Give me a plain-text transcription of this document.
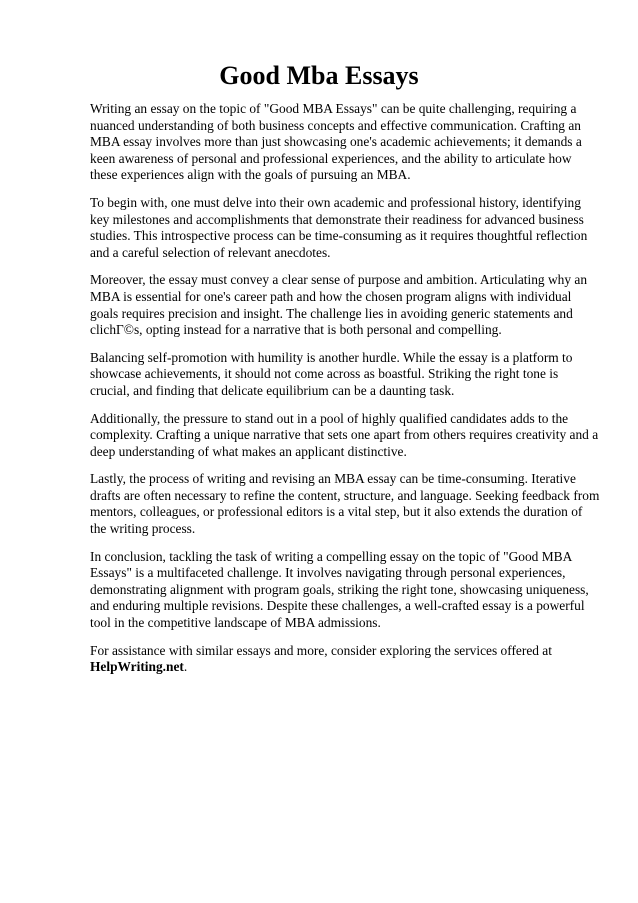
Good Mba Essays

Writing an essay on the topic of "Good MBA Essays" can be quite challenging, requiring a nuanced understanding of both business concepts and effective communication. Crafting an MBA essay involves more than just showcasing one's academic achievements; it demands a keen awareness of personal and professional experiences, and the ability to articulate how these experiences align with the goals of pursuing an MBA.

To begin with, one must delve into their own academic and professional history, identifying key milestones and accomplishments that demonstrate their readiness for advanced business studies. This introspective process can be time-consuming as it requires thoughtful reflection and a careful selection of relevant anecdotes.

Moreover, the essay must convey a clear sense of purpose and ambition. Articulating why an MBA is essential for one's career path and how the chosen program aligns with individual goals requires precision and insight. The challenge lies in avoiding generic statements and clichГ©s, opting instead for a narrative that is both personal and compelling.

Balancing self-promotion with humility is another hurdle. While the essay is a platform to showcase achievements, it should not come across as boastful. Striking the right tone is crucial, and finding that delicate equilibrium can be a daunting task.

Additionally, the pressure to stand out in a pool of highly qualified candidates adds to the complexity. Crafting a unique narrative that sets one apart from others requires creativity and a deep understanding of what makes an applicant distinctive.

Lastly, the process of writing and revising an MBA essay can be time-consuming. Iterative drafts are often necessary to refine the content, structure, and language. Seeking feedback from mentors, colleagues, or professional editors is a vital step, but it also extends the duration of the writing process.

In conclusion, tackling the task of writing a compelling essay on the topic of "Good MBA Essays" is a multifaceted challenge. It involves navigating through personal experiences, demonstrating alignment with program goals, striking the right tone, showcasing uniqueness, and enduring multiple revisions. Despite these challenges, a well-crafted essay is a powerful tool in the competitive landscape of MBA admissions.

For assistance with similar essays and more, consider exploring the services offered at
HelpWriting.net.
